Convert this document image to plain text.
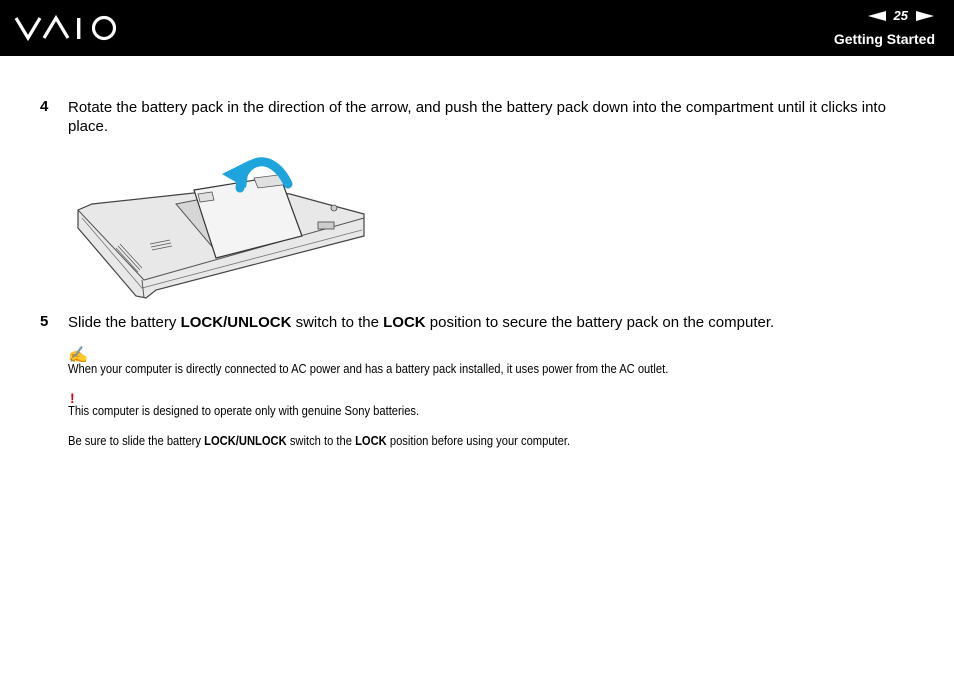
25
Getting Started
4 Rotate the battery pack in the direction of the arrow, and push the battery pack down into the compartment until it clicks into place.
5 Slide the battery LOCK/UNLOCK switch to the LOCK position to secure the battery pack on the computer.
✍
When your computer is directly connected to AC power and has a battery pack installed, it uses power from the AC outlet.
!
This computer is designed to operate only with genuine Sony batteries.
Be sure to slide the battery LOCK/UNLOCK switch to the LOCK position before using your computer.
